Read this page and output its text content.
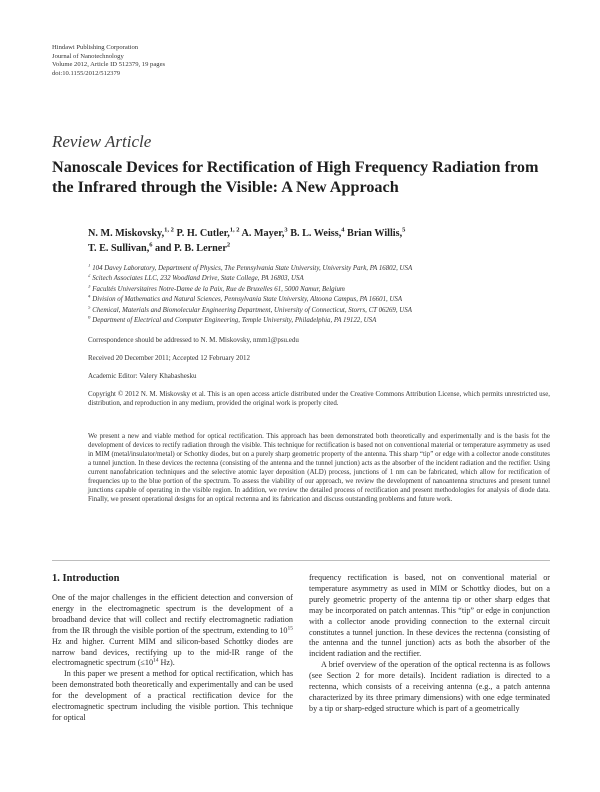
Hindawi Publishing Corporation
Journal of Nanotechnology
Volume 2012, Article ID 512379, 19 pages
doi:10.1155/2012/512379
Review Article
Nanoscale Devices for Rectification of High Frequency Radiation from the Infrared through the Visible: A New Approach
N. M. Miskovsky,$^{1, 2}$ P. H. Cutler,$^{1, 2}$ A. Mayer,$^3$ B. L. Weiss,$^4$ Brian Willis,$^5$
T. E. Sullivan,$^6$ and P. B. Lerner$^2$
$^1$ 104 Davey Laboratory, Department of Physics, The Pennsylvania State University, University Park, PA 16802, USA
$^2$ Scitech Associates LLC, 232 Woodland Drive, State College, PA 16803, USA
$^3$ Facultés Universitaires Notre-Dame de la Paix, Rue de Bruxelles 61, 5000 Namur, Belgium
$^4$ Division of Mathematics and Natural Sciences, Pennsylvania State University, Altoona Campus, PA 16601, USA
$^5$ Chemical, Materials and Biomolecular Engineering Department, University of Connecticut, Storrs, CT 06269, USA
$^6$ Department of Electrical and Computer Engineering, Temple University, Philadelphia, PA 19122, USA
Correspondence should be addressed to N. M. Miskovsky, nmm1@psu.edu
Received 20 December 2011; Accepted 12 February 2012
Academic Editor: Valery Khabashesku
Copyright © 2012 N. M. Miskovsky et al. This is an open access article distributed under the Creative Commons Attribution License, which permits unrestricted use, distribution, and reproduction in any medium, provided the original work is properly cited.
We present a new and viable method for optical rectification. This approach has been demonstrated both theoretically and experimentally and is the basis fot the development of devices to rectify radiation through the visible. This technique for rectification is based not on conventional material or temperature asymmetry as used in MIM (metal/insulator/metal) or Schottky diodes, but on a purely sharp geometric property of the antenna. This sharp “tip” or edge with a collector anode constitutes a tunnel junction. In these devices the rectenna (consisting of the antenna and the tunnel junction) acts as the absorber of the incident radiation and the rectifier. Using current nanofabrication techniques and the selective atomic layer deposition (ALD) process, junctions of 1 nm can be fabricated, which allow for rectification of frequencies up to the blue portion of the spectrum. To assess the viability of our approach, we review the development of nanoantenna structures and present tunnel junctions capable of operating in the visible region. In addition, we review the detailed process of rectification and present methodologies for analysis of diode data. Finally, we present operational designs for an optical rectenna and its fabrication and discuss outstanding problems and future work.
1. Introduction

One of the major challenges in the efficient detection and conversion of energy in the electromagnetic spectrum is the development of a broadband device that will collect and rectify electromagnetic radiation from the IR through the visible portion of the spectrum, extending to $10^{15}$ Hz and higher. Current MIM and silicon-based Schottky diodes are narrow band devices, rectifying up to the mid-IR range of the electromagnetic spectrum ($\le 10^{14}$ Hz).

In this paper we present a method for optical rectification, which has been demonstrated both theoretically and experimentally and can be used for the development of a practical rectification device for the electromagnetic spectrum including the visible portion. This technique for optical

frequency rectification is based, not on conventional material or temperature asymmetry as used in MIM or Schottky diodes, but on a purely geometric property of the antenna tip or other sharp edges that may be incorporated on patch antennas. This “tip” or edge in conjunction with a collector anode providing connection to the external circuit constitutes a tunnel junction. In these devices the rectenna (consisting of the antenna and the tunnel junction) acts as both the absorber of the incident radiation and the rectifier.

A brief overview of the operation of the optical rectenna is as follows (see Section 2 for more details). Incident radiation is directed to a rectenna, which consists of a receiving antenna (e.g., a patch antenna characterized by its three primary dimensions) with one edge terminated by a tip or sharp-edged structure which is part of a geometrically
